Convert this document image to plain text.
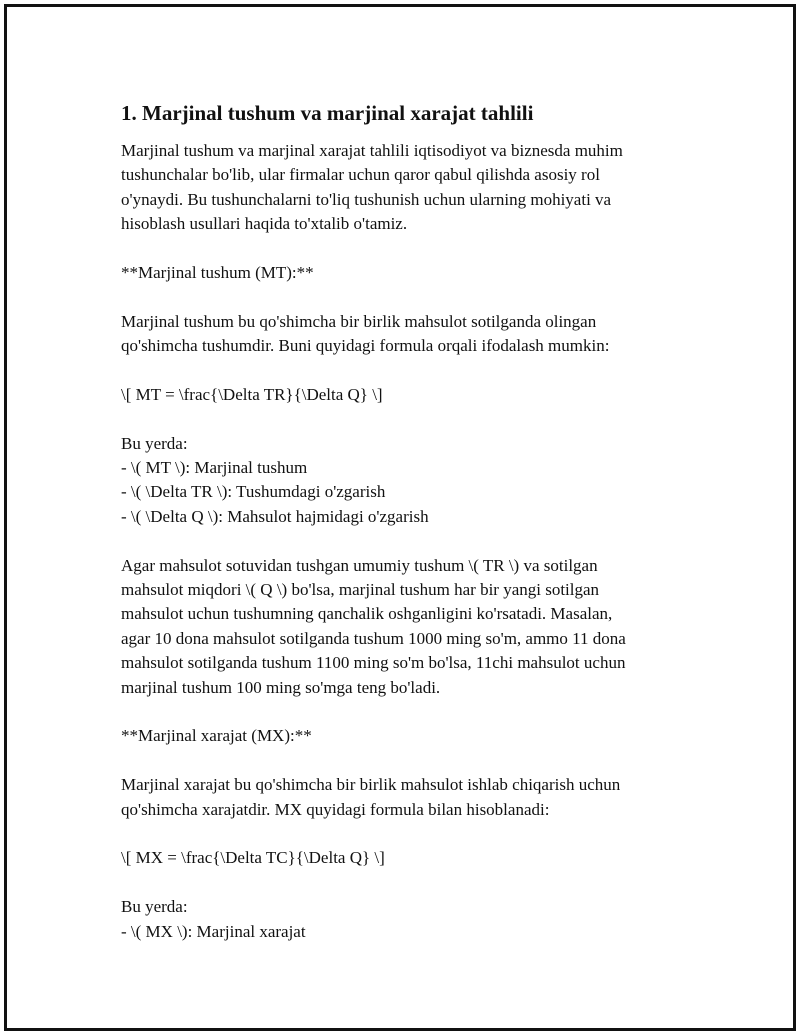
1. Marjinal tushum va marjinal xarajat tahlili
Marjinal tushum va marjinal xarajat tahlili iqtisodiyot va biznesda muhim
tushunchalar bo'lib, ular firmalar uchun qaror qabul qilishda asosiy rol
o'ynaydi. Bu tushunchalarni to'liq tushunish uchun ularning mohiyati va
hisoblash usullari haqida to'xtalib o'tamiz.
**Marjinal tushum (MT):**
Marjinal tushum bu qo'shimcha bir birlik mahsulot sotilganda olingan
qo'shimcha tushumdir. Buni quyidagi formula orqali ifodalash mumkin:
\[ MT = \frac{\Delta TR}{\Delta Q} \]
Bu yerda:
- \( MT \): Marjinal tushum
- \( \Delta TR \): Tushumdagi o'zgarish
- \( \Delta Q \): Mahsulot hajmidagi o'zgarish
Agar mahsulot sotuvidan tushgan umumiy tushum \( TR \) va sotilgan
mahsulot miqdori \( Q \) bo'lsa, marjinal tushum har bir yangi sotilgan
mahsulot uchun tushumning qanchalik oshganligini ko'rsatadi. Masalan,
agar 10 dona mahsulot sotilganda tushum 1000 ming so'm, ammo 11 dona
mahsulot sotilganda tushum 1100 ming so'm bo'lsa, 11chi mahsulot uchun
marjinal tushum 100 ming so'mga teng bo'ladi.
**Marjinal xarajat (MX):**
Marjinal xarajat bu qo'shimcha bir birlik mahsulot ishlab chiqarish uchun
qo'shimcha xarajatdir. MX quyidagi formula bilan hisoblanadi:
\[ MX = \frac{\Delta TC}{\Delta Q} \]
Bu yerda:
- \( MX \): Marjinal xarajat
